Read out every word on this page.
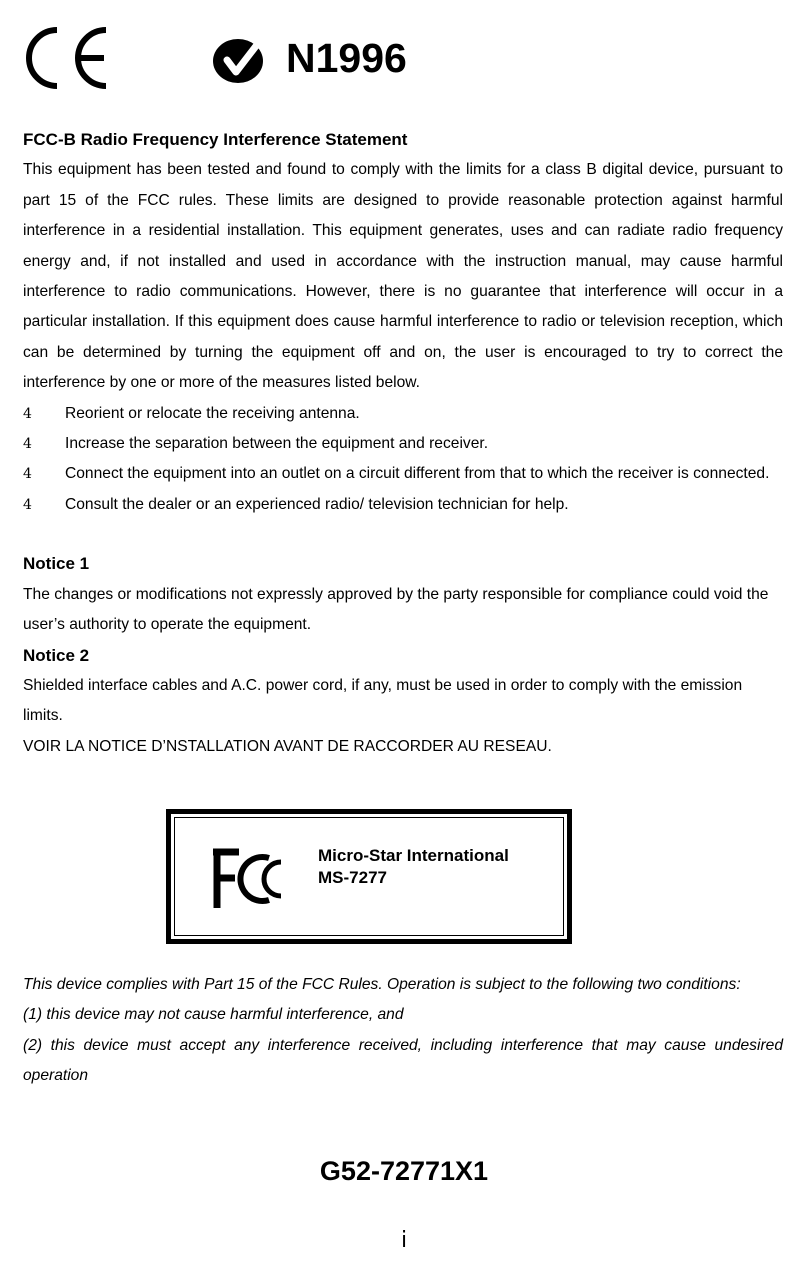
N1996
FCC-B Radio Frequency Interference Statement

This equipment has been tested and found to comply with the limits for a class B digital device, pursuant to part 15 of the FCC rules. These limits are designed to provide reasonable protection against harmful interference in a residential installation. This equipment generates, uses and can radiate radio frequency energy and, if not installed and used in accordance with the instruction manual, may cause harmful interference to radio communications. However, there is no guarantee that interference will occur in a particular installation. If this equipment does cause harmful interference to radio or television reception, which can be determined by turning the equipment off and on, the user is encouraged to try to correct the interference by one or more of the measures listed below.

4 Reorient or relocate the receiving antenna.
4 Increase the separation between the equipment and receiver.
4 Connect the equipment into an outlet on a circuit different from that to which the receiver is connected.
4 Consult the dealer or an experienced radio/ television technician for help.
Notice 1

The changes or modifications not expressly approved by the party responsible for compliance could void the user’s authority to operate the equipment.

Notice 2

Shielded interface cables and A.C. power cord, if any, must be used in order to comply with the emission limits.

VOIR LA NOTICE D’NSTALLATION AVANT DE RACCORDER AU RESEAU.

Micro-Star International
MS-7277

This device complies with Part 15 of the FCC Rules. Operation is subject to the following two conditions:

(1) this device may not cause harmful interference, and

(2) this device must accept any interference received, including interference that may cause undesired operation

G52-72771X1
i
